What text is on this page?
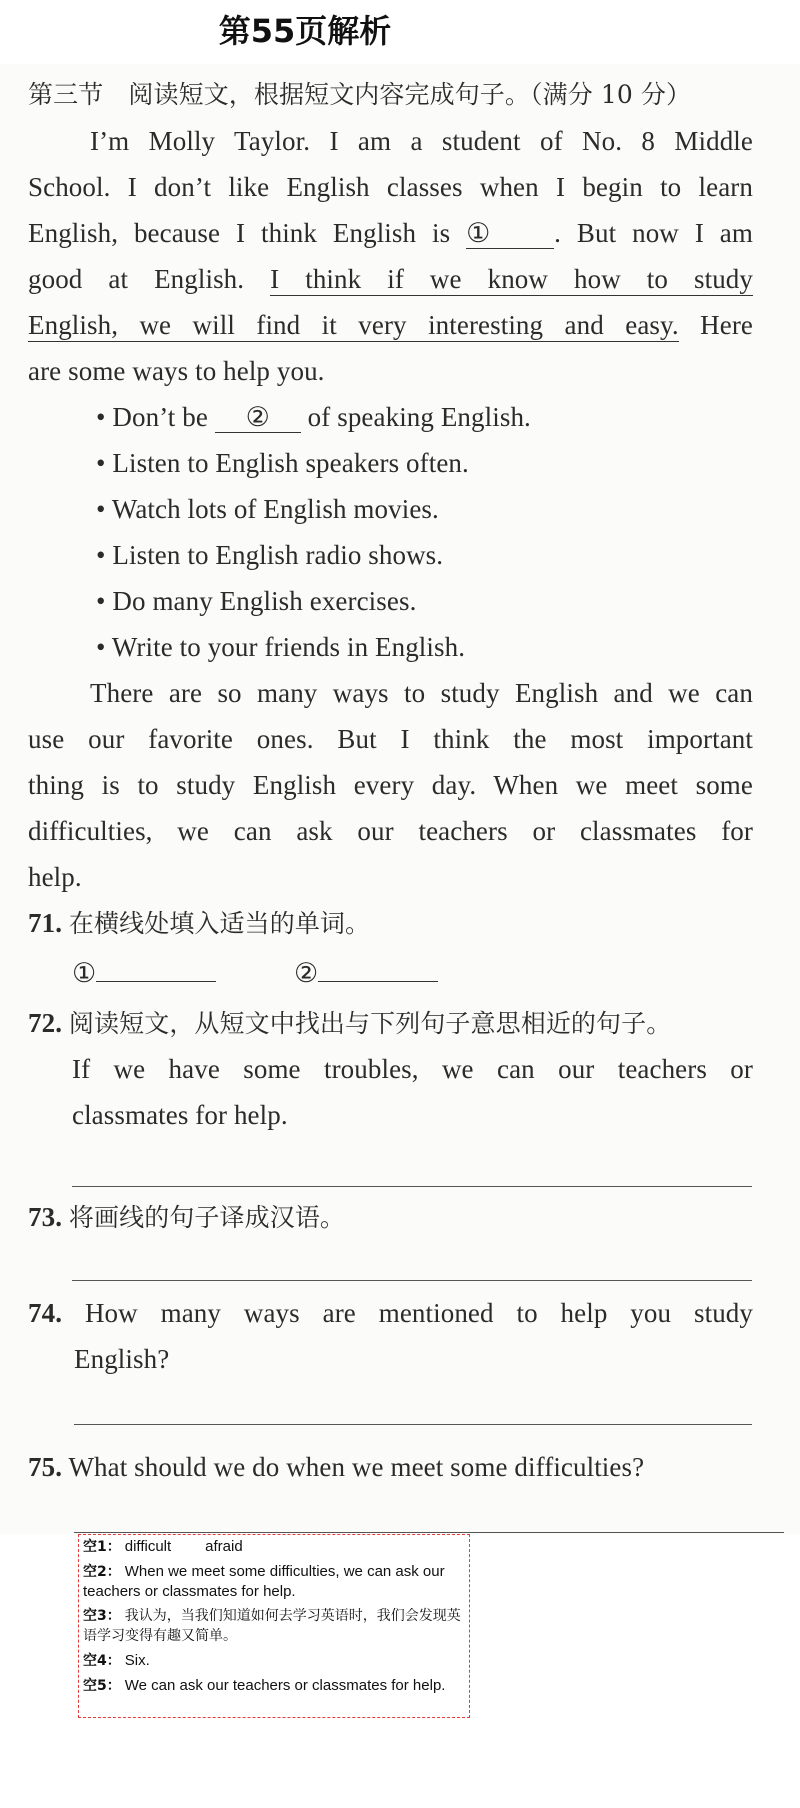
第55页解析
第三节　阅读短文，根据短文内容完成句子。（满分 10 分）
I’m Molly Taylor. I am a student of No. 8 Middle
School. I don’t like English classes when I begin to learn
English, because I think English is ① . But now I am
good at English. I think if we know how to study
English, we will find it very interesting and easy. Here
are some ways to help you.
• Don’t be ② of speaking English.
• Listen to English speakers often.
• Watch lots of English movies.
• Listen to English radio shows.
• Do many English exercises.
• Write to your friends in English.
There are so many ways to study English and we can
use our favorite ones. But I think the most important
thing is to study English every day. When we meet some
difficulties, we can ask our teachers or classmates for
help.
71. 在横线处填入适当的单词。
①	②
72. 阅读短文，从短文中找出与下列句子意思相近的句子。
If we have some troubles, we can our teachers or
classmates for help.
73. 将画线的句子译成汉语。
74. How many ways are mentioned to help you study
English?
75. What should we do when we meet some difficulties?
空1： difficult afraid
空2： When we meet some difficulties, we can ask our teachers or classmates for help.
空3： 我认为，当我们知道如何去学习英语时，我们会发现英语学习变得有趣又简单。
空4： Six.
空5： We can ask our teachers or classmates for help.
